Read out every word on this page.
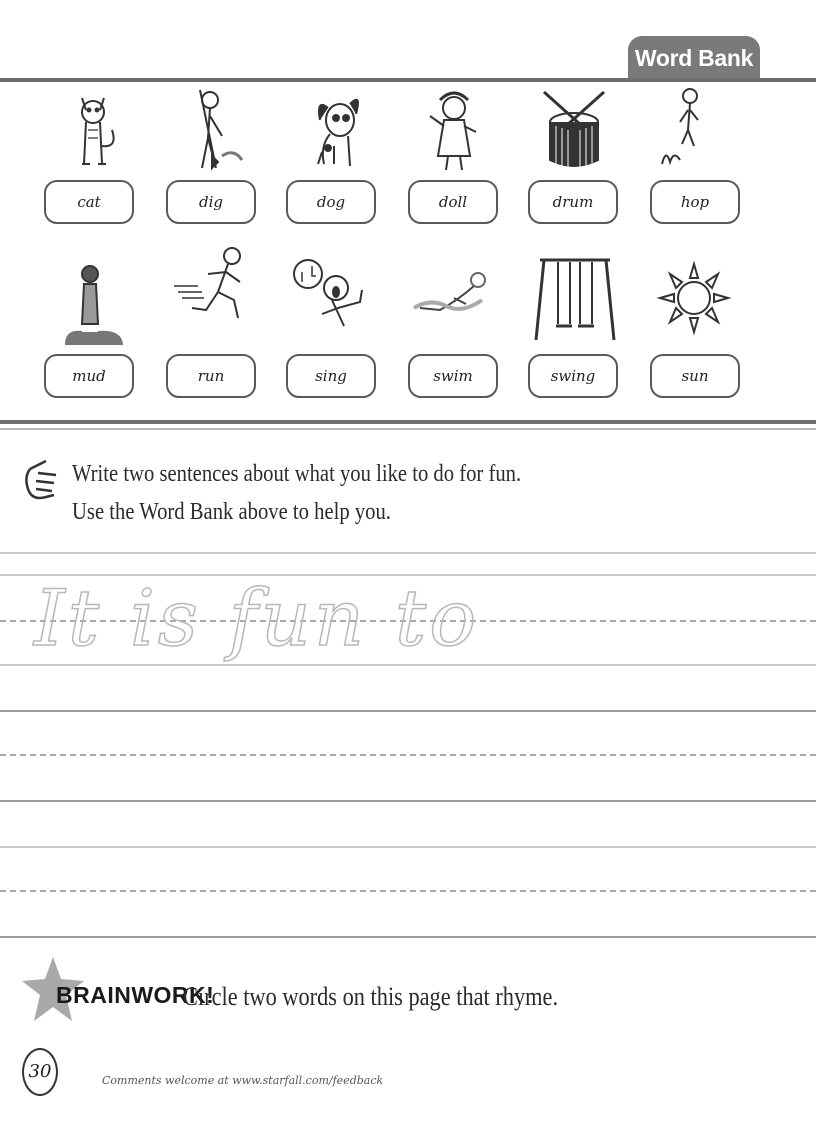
Word Bank
cat	dig	dog	doll	drum	hop
mud	run	sing	swim	swing	sun
Write two sentences about what you like to do for fun.
Use the Word Bank above to help you.
It is fun to
BRAINWORK!
Circle two words on this page that rhyme.
30	Comments welcome at www.starfall.com/feedback
